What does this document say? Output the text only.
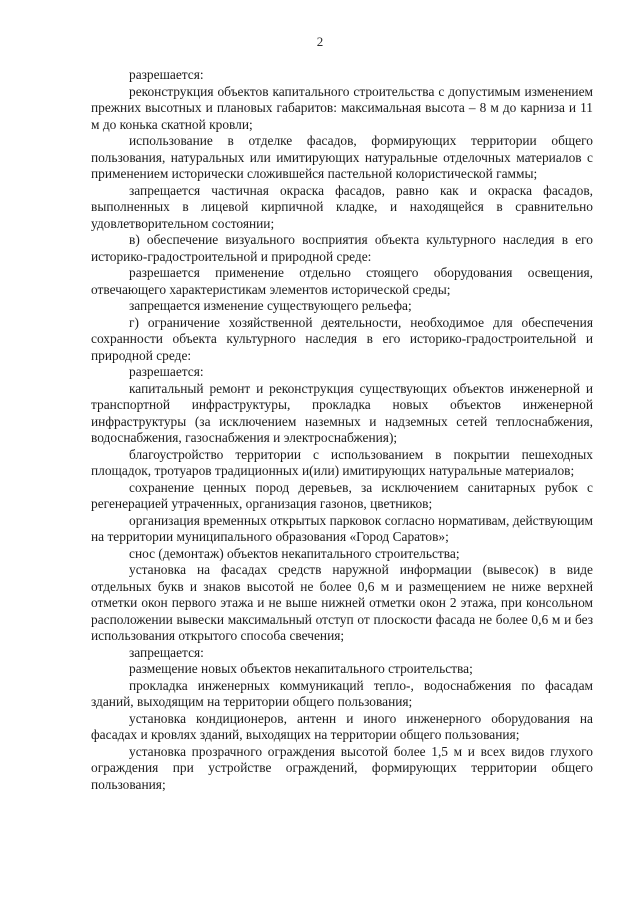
2

разрешается:

реконструкция объектов капитального строительства с допустимым изменением прежних высотных и плановых габаритов: максимальная высота – 8 м до карниза и 11 м до конька скатной кровли;

использование в отделке фасадов, формирующих территории общего пользования, натуральных или имитирующих натуральные отделочных материалов с применением исторически сложившейся пастельной колористической гаммы;

запрещается частичная окраска фасадов, равно как и окраска фасадов, выполненных в лицевой кирпичной кладке, и находящейся в сравнительно удовлетворительном состоянии;

в) обеспечение визуального восприятия объекта культурного наследия в его историко-градостроительной и природной среде:

разрешается применение отдельно стоящего оборудования освещения, отвечающего характеристикам элементов исторической среды;

запрещается изменение существующего рельефа;

г) ограничение хозяйственной деятельности, необходимое для обеспечения сохранности объекта культурного наследия в его историко-градостроительной и природной среде:

разрешается:

капитальный ремонт и реконструкция существующих объектов инженерной и транспортной инфраструктуры, прокладка новых объектов инженерной инфраструктуры (за исключением наземных и надземных сетей теплоснабжения, водоснабжения, газоснабжения и электроснабжения);

благоустройство территории с использованием в покрытии пешеходных площадок, тротуаров традиционных и(или) имитирующих натуральные материалов;

сохранение ценных пород деревьев, за исключением санитарных рубок с регенерацией утраченных, организация газонов, цветников;

организация временных открытых парковок согласно нормативам, действующим на территории муниципального образования «Город Саратов»;

снос (демонтаж) объектов некапитального строительства;

установка на фасадах средств наружной информации (вывесок) в виде отдельных букв и знаков высотой не более 0,6 м и размещением не ниже верхней отметки окон первого этажа и не выше нижней отметки окон 2 этажа, при консольном расположении вывески максимальный отступ от плоскости фасада не более 0,6 м и без использования открытого способа свечения;

запрещается:

размещение новых объектов некапитального строительства;

прокладка инженерных коммуникаций тепло-, водоснабжения по фасадам зданий, выходящим на территории общего пользования;

установка кондиционеров, антенн и иного инженерного оборудования на фасадах и кровлях зданий, выходящих на территории общего пользования;

установка прозрачного ограждения высотой более 1,5 м и всех видов глухого ограждения при устройстве ограждений, формирующих территории общего пользования;
